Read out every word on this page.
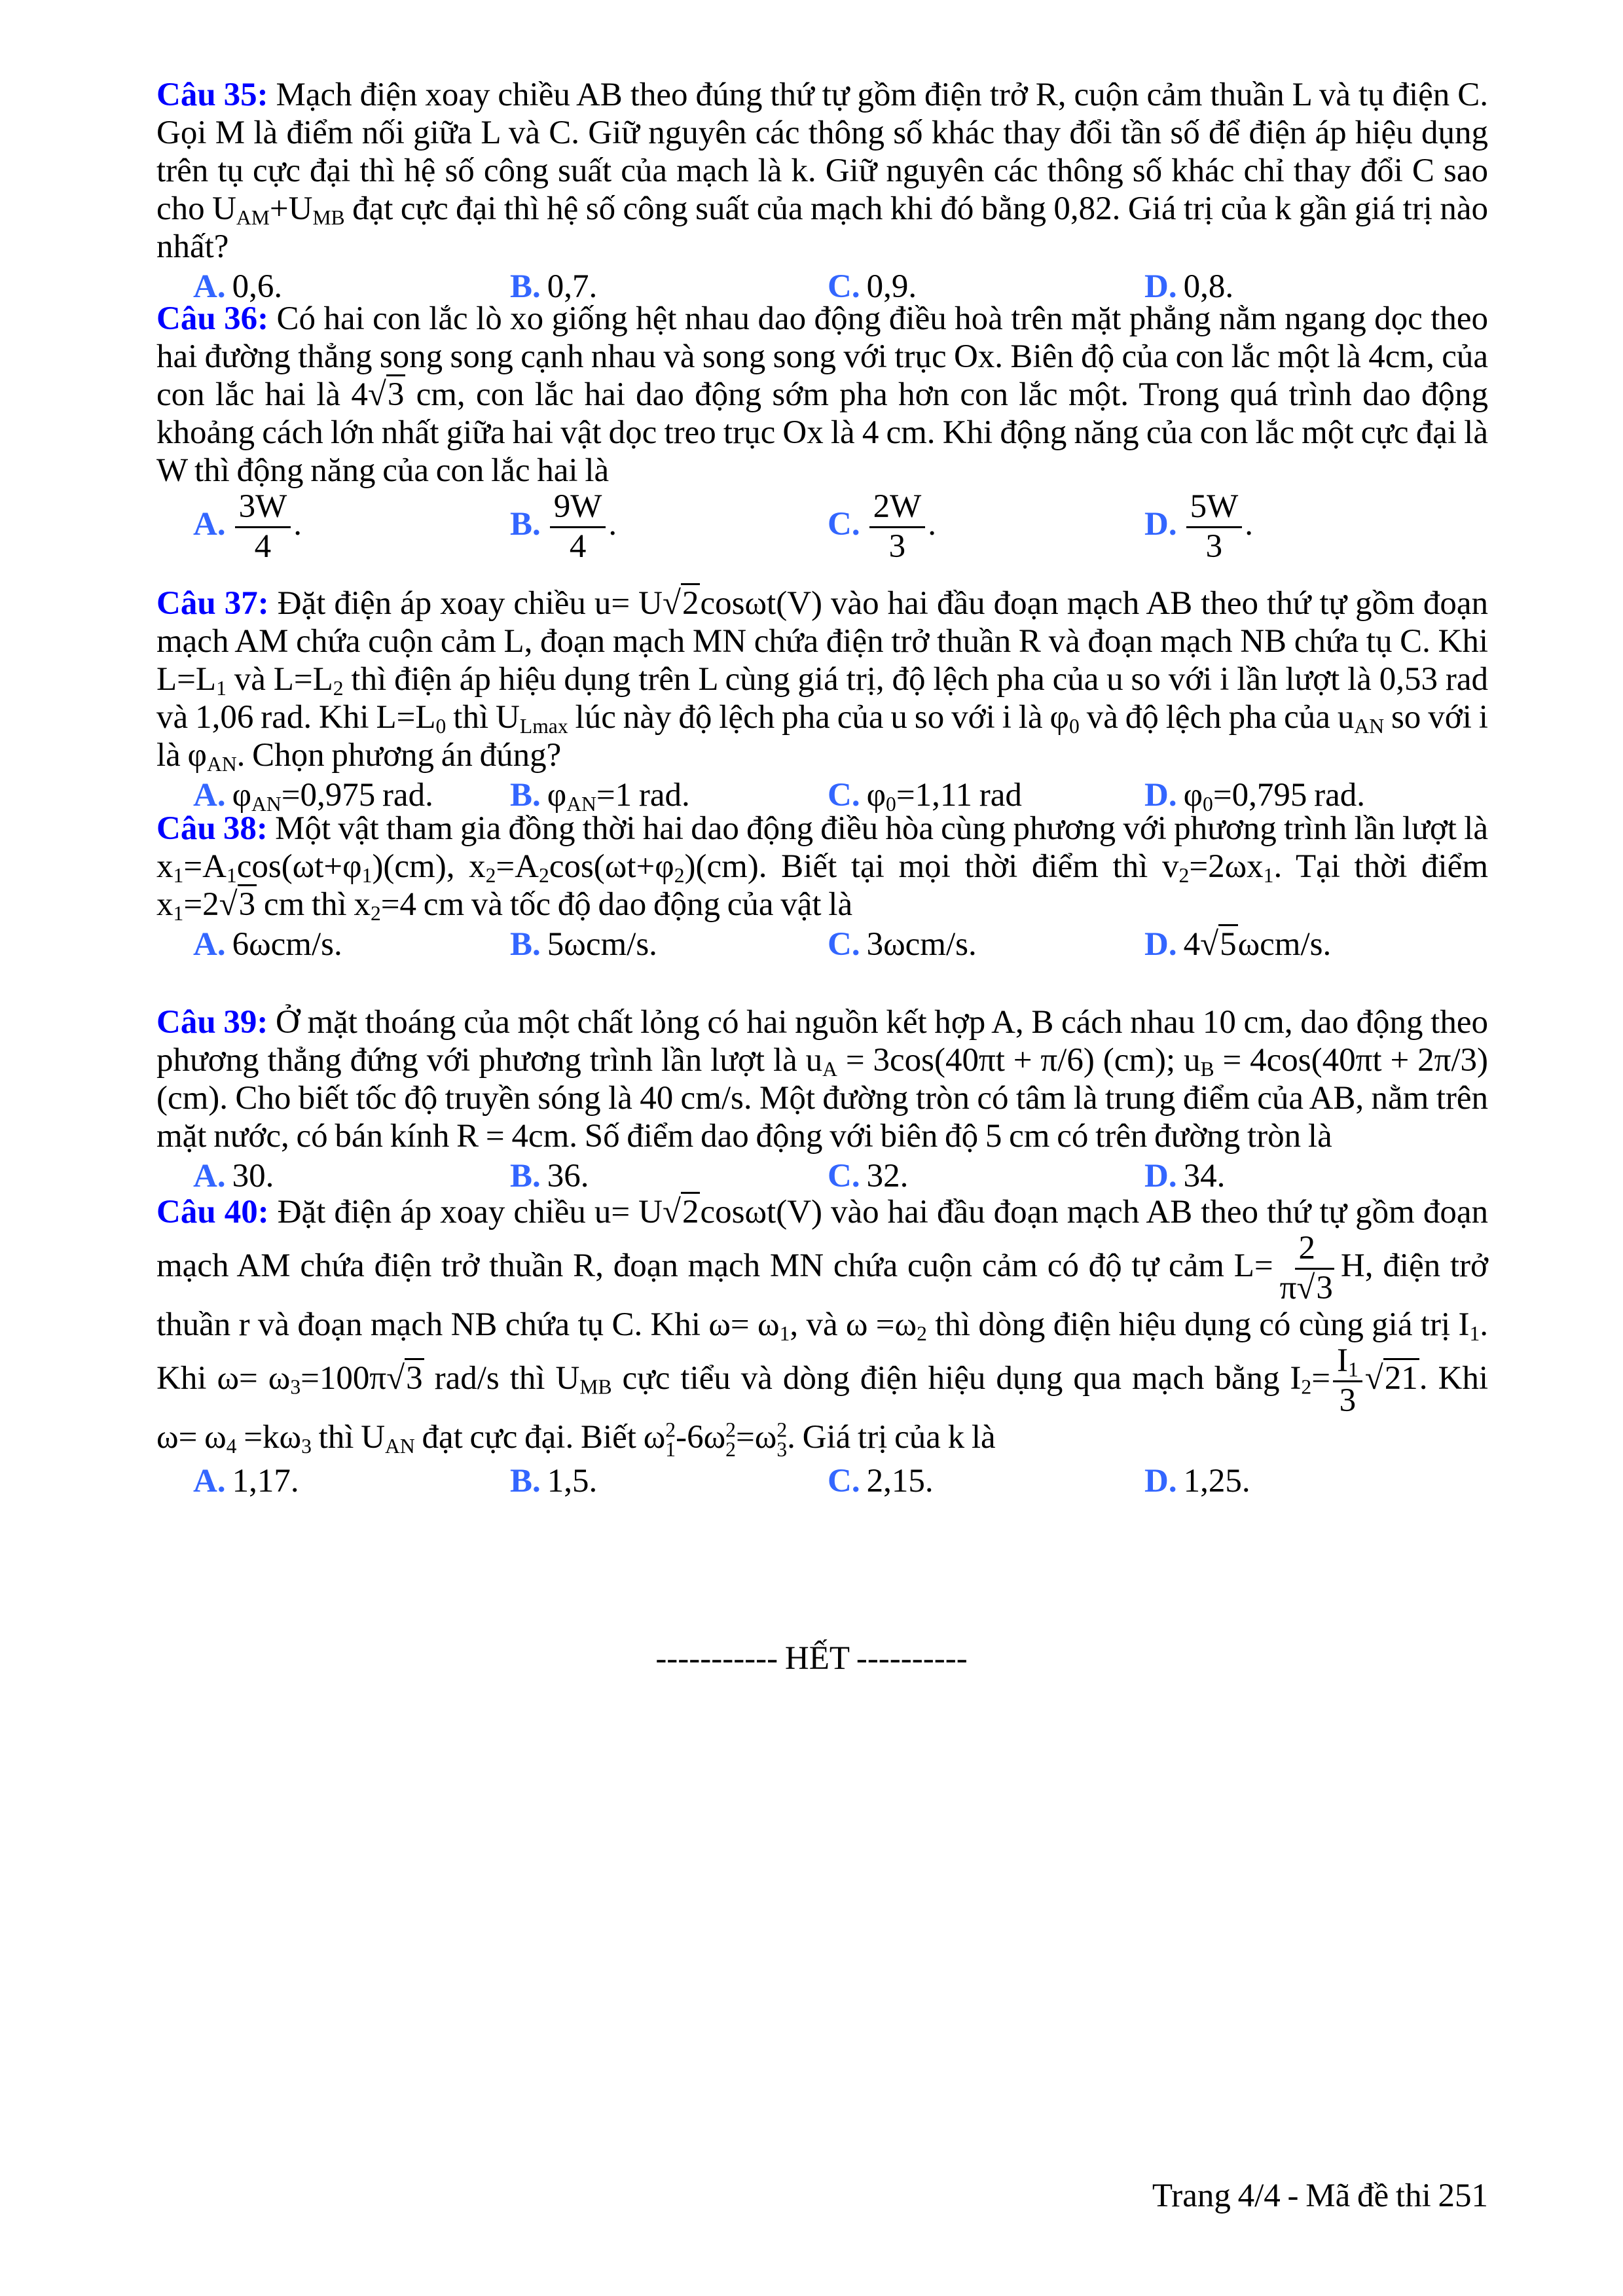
Câu 35: Mạch điện xoay chiều AB theo đúng thứ tự gồm điện trở R, cuộn cảm thuần L và tụ điện C.
Gọi M là điểm nối giữa L và C. Giữ nguyên các thông số khác thay đổi tần số để điện áp hiệu dụng
trên tụ cực đại thì hệ số công suất của mạch là k. Giữ nguyên các thông số khác chỉ thay đổi C sao
cho $U_{AM}+U_{MB}$ đạt cực đại thì hệ số công suất của mạch khi đó bằng 0,82. Giá trị của k gần giá trị nào
nhất?
A. 0,6.	B. 0,7.	C. 0,9.	D. 0,8.
Câu 36: Có hai con lắc lò xo giống hệt nhau dao động điều hoà trên mặt phẳng nằm ngang dọc theo
hai đường thẳng song song cạnh nhau và song song với trục Ox. Biên độ của con lắc một là 4cm, của
con lắc hai là 4√3 cm, con lắc hai dao động sớm pha hơn con lắc một. Trong quá trình dao động
khoảng cách lớn nhất giữa hai vật dọc treo trục Ox là 4 cm. Khi động năng của con lắc một cực đại là
W thì động năng của con lắc hai là
A. $\frac{3W}{4}$ .	B. $\frac{9W}{4}$ .	C. $\frac{2W}{3}$ .	D. $\frac{5W}{3}$ .
Câu 37: Đặt điện áp xoay chiều u= U√2cosωt(V) vào hai đầu đoạn mạch AB theo thứ tự gồm đoạn
mạch AM chứa cuộn cảm L, đoạn mạch MN chứa điện trở thuần R và đoạn mạch NB chứa tụ C. Khi
$L=L_1$ và $L=L_2$ thì điện áp hiệu dụng trên L cùng giá trị, độ lệch pha của u so với i lần lượt là 0,53 rad
và 1,06 rad. Khi $L=L_0$ thì $U_{Lmax}$ lúc này độ lệch pha của u so với i là $\varphi_0$ và độ lệch pha của $u_{AN}$ so với i
là $\varphi_{AN}$. Chọn phương án đúng?
A. $\varphi_{AN}=0,975$ rad. B. $\varphi_{AN}=1$ rad.	C. $\varphi_0=1,11$ rad	D. $\varphi_0=0,795$ rad.
Câu 38: Một vật tham gia đồng thời hai dao động điều hòa cùng phương với phương trình lần lượt là
$x_1=A_1\cos(\omega t+\varphi_1)(cm)$, $x_2=A_2\cos(\omega t+\varphi_2)(cm)$. Biết tại mọi thời điểm thì $v_2=2\omega x_1$. Tại thời điểm
$x_1=2√3$ cm thì $x_2=4$ cm và tốc độ dao động của vật là
A. 6ωcm/s.	B. 5ωcm/s.	C. 3ωcm/s.	D. 4√5ωcm/s.
Câu 39: Ở mặt thoáng của một chất lỏng có hai nguồn kết hợp A, B cách nhau 10 cm, dao động theo
phương thẳng đứng với phương trình lần lượt là $u_A = 3\cos(40\pi t + \pi/6)$ (cm); $u_B = 4\cos(40\pi t + 2\pi/3)$
(cm). Cho biết tốc độ truyền sóng là 40 cm/s. Một đường tròn có tâm là trung điểm của AB, nằm trên
mặt nước, có bán kính R = 4cm. Số điểm dao động với biên độ 5 cm có trên đường tròn là
A. 30.	B. 36.	C. 32.	D. 34.
Câu 40: Đặt điện áp xoay chiều u= U√2cosωt(V) vào hai đầu đoạn mạch AB theo thứ tự gồm đoạn
mạch AM chứa điện trở thuần R, đoạn mạch MN chứa cuộn cảm có độ tự cảm $L= \frac{2}{\pi√3} H$, điện trở
thuần r và đoạn mạch NB chứa tụ C. Khi $\omega= \omega_1$, và $\omega =\omega_2$ thì dòng điện hiệu dụng có cùng giá trị $I_1$.
Khi $\omega= \omega_3=100\pi√3$ rad/s thì $U_{MB}$ cực tiểu và dòng điện hiệu dụng qua mạch bằng $I_2= \frac{I_1}{3} √21$. Khi
$\omega= \omega_4 =k\omega_3$ thì $U_{AN}$ đạt cực đại. Biết ω 2
1 -6ω 2
2 =ω 2
3 . Giá trị của k là
A. 1,17.	B. 1,5.	C. 2,15.	D. 1,25.
----------- HẾT ----------
Trang 4/4 - Mã đề thi 251
